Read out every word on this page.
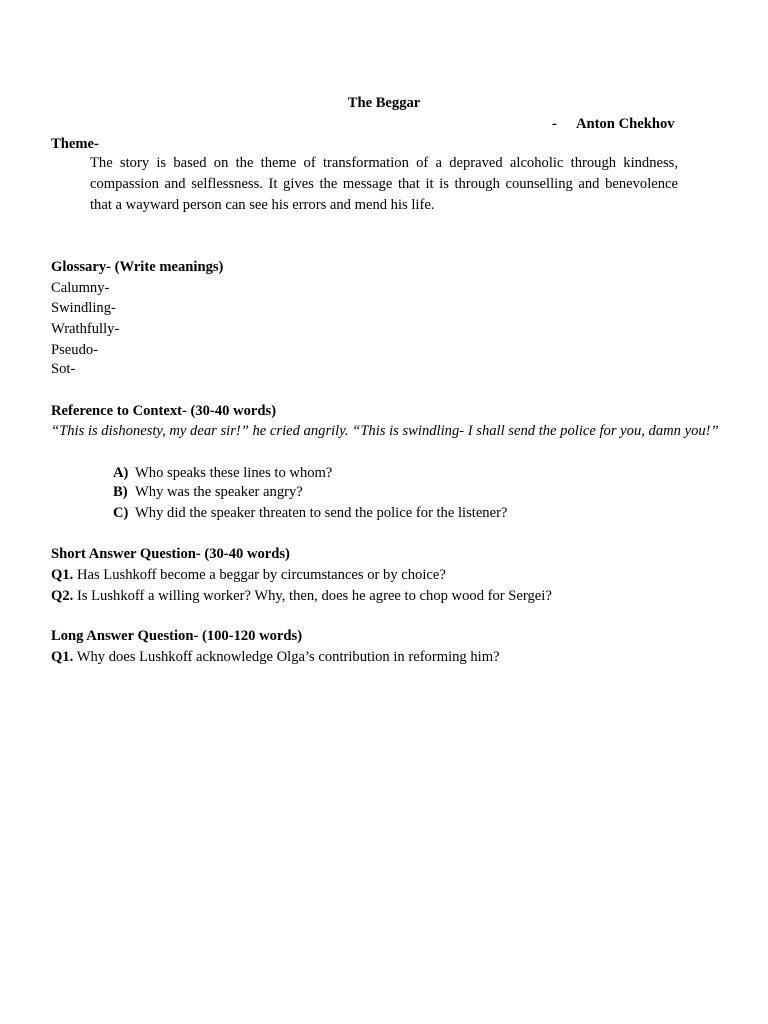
The Beggar
- Anton Chekhov
Theme-
The story is based on the theme of transformation of a depraved alcoholic through kindness, compassion and selflessness. It gives the message that it is through counselling and benevolence that a wayward person can see his errors and mend his life.
Glossary- (Write meanings)
Calumny-
Swindling-
Wrathfully-
Pseudo-
Sot-
Reference to Context- (30-40 words)
“This is dishonesty, my dear sir!” he cried angrily. “This is swindling- I shall send the police for you, damn you!”
A) Who speaks these lines to whom?
B) Why was the speaker angry?
C) Why did the speaker threaten to send the police for the listener?
Short Answer Question- (30-40 words)
Q1. Has Lushkoff become a beggar by circumstances or by choice?
Q2. Is Lushkoff a willing worker? Why, then, does he agree to chop wood for Sergei?
Long Answer Question- (100-120 words)
Q1. Why does Lushkoff acknowledge Olga’s contribution in reforming him?
